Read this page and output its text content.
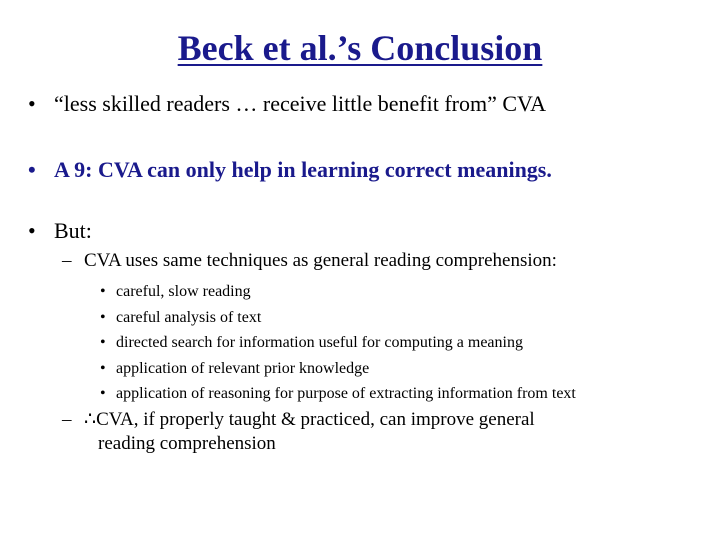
Beck et al.’s Conclusion
• “less skilled readers … receive little benefit from” CVA
• A 9: CVA can only help in learning correct meanings.
• But:
– CVA uses same techniques as general reading comprehension:
• careful, slow reading
• careful analysis of text
• directed search for information useful for computing a meaning
• application of relevant prior knowledge
• application of reasoning for purpose of extracting information from text
– ∴CVA, if properly taught & practiced, can improve general
reading comprehension
